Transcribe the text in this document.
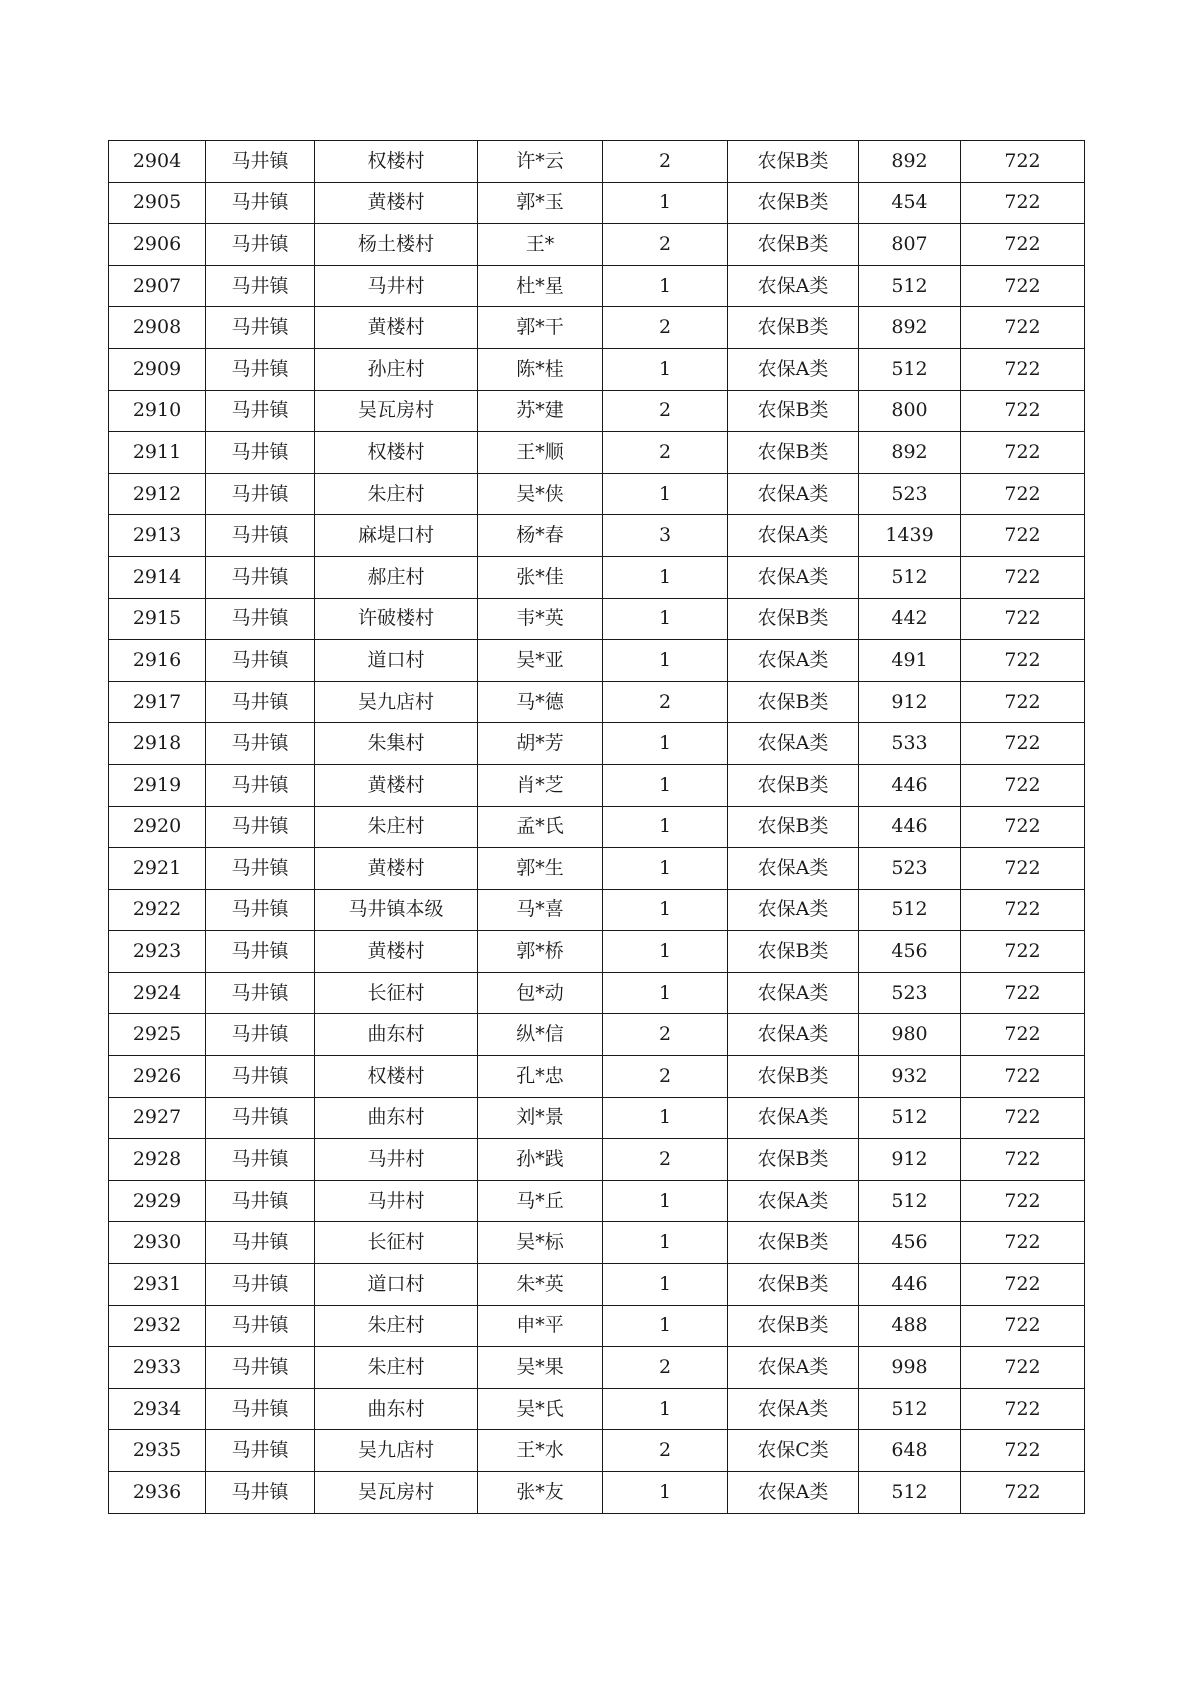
2904	马井镇	权楼村	许*云	2	农保B类	892	722
2905	马井镇	黄楼村	郭*玉	1	农保B类	454	722
2906	马井镇	杨土楼村	王*	2	农保B类	807	722
2907	马井镇	马井村	杜*星	1	农保A类	512	722
2908	马井镇	黄楼村	郭*干	2	农保B类	892	722
2909	马井镇	孙庄村	陈*桂	1	农保A类	512	722
2910	马井镇	吴瓦房村	苏*建	2	农保B类	800	722
2911	马井镇	权楼村	王*顺	2	农保B类	892	722
2912	马井镇	朱庄村	吴*侠	1	农保A类	523	722
2913	马井镇	麻堤口村	杨*春	3	农保A类	1439	722
2914	马井镇	郝庄村	张*佳	1	农保A类	512	722
2915	马井镇	许破楼村	韦*英	1	农保B类	442	722
2916	马井镇	道口村	吴*亚	1	农保A类	491	722
2917	马井镇	吴九店村	马*德	2	农保B类	912	722
2918	马井镇	朱集村	胡*芳	1	农保A类	533	722
2919	马井镇	黄楼村	肖*芝	1	农保B类	446	722
2920	马井镇	朱庄村	孟*氏	1	农保B类	446	722
2921	马井镇	黄楼村	郭*生	1	农保A类	523	722
2922	马井镇	马井镇本级	马*喜	1	农保A类	512	722
2923	马井镇	黄楼村	郭*桥	1	农保B类	456	722
2924	马井镇	长征村	包*动	1	农保A类	523	722
2925	马井镇	曲东村	纵*信	2	农保A类	980	722
2926	马井镇	权楼村	孔*忠	2	农保B类	932	722
2927	马井镇	曲东村	刘*景	1	农保A类	512	722
2928	马井镇	马井村	孙*践	2	农保B类	912	722
2929	马井镇	马井村	马*丘	1	农保A类	512	722
2930	马井镇	长征村	吴*标	1	农保B类	456	722
2931	马井镇	道口村	朱*英	1	农保B类	446	722
2932	马井镇	朱庄村	申*平	1	农保B类	488	722
2933	马井镇	朱庄村	吴*果	2	农保A类	998	722
2934	马井镇	曲东村	吴*氏	1	农保A类	512	722
2935	马井镇	吴九店村	王*水	2	农保C类	648	722
2936	马井镇	吴瓦房村	张*友	1	农保A类	512	722
